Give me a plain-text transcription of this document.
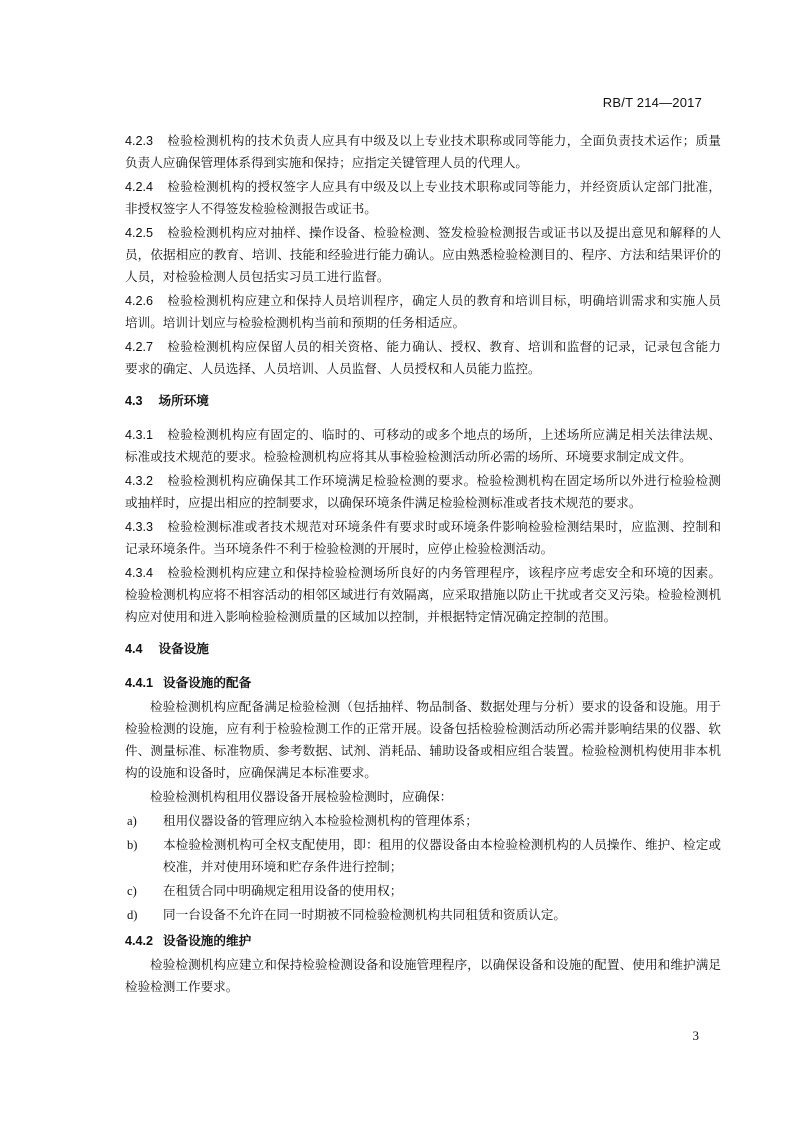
RB/T 214—2017

4.2.3 检验检测机构的技术负责人应具有中级及以上专业技术职称或同等能力，全面负责技术运作；质量负责人应确保管理体系得到实施和保持；应指定关键管理人员的代理人。

4.2.4 检验检测机构的授权签字人应具有中级及以上专业技术职称或同等能力，并经资质认定部门批准，非授权签字人不得签发检验检测报告或证书。

4.2.5 检验检测机构应对抽样、操作设备、检验检测、签发检验检测报告或证书以及提出意见和解释的人员，依据相应的教育、培训、技能和经验进行能力确认。应由熟悉检验检测目的、程序、方法和结果评价的人员，对检验检测人员包括实习员工进行监督。

4.2.6 检验检测机构应建立和保持人员培训程序，确定人员的教育和培训目标，明确培训需求和实施人员培训。培训计划应与检验检测机构当前和预期的任务相适应。

4.2.7 检验检测机构应保留人员的相关资格、能力确认、授权、教育、培训和监督的记录，记录包含能力要求的确定、人员选择、人员培训、人员监督、人员授权和人员能力监控。

4.3 场所环境

4.3.1 检验检测机构应有固定的、临时的、可移动的或多个地点的场所，上述场所应满足相关法律法规、标准或技术规范的要求。检验检测机构应将其从事检验检测活动所必需的场所、环境要求制定成文件。

4.3.2 检验检测机构应确保其工作环境满足检验检测的要求。检验检测机构在固定场所以外进行检验检测或抽样时，应提出相应的控制要求，以确保环境条件满足检验检测标准或者技术规范的要求。

4.3.3 检验检测标准或者技术规范对环境条件有要求时或环境条件影响检验检测结果时，应监测、控制和记录环境条件。当环境条件不利于检验检测的开展时，应停止检验检测活动。

4.3.4 检验检测机构应建立和保持检验检测场所良好的内务管理程序，该程序应考虑安全和环境的因素。检验检测机构应将不相容活动的相邻区域进行有效隔离，应采取措施以防止干扰或者交叉污染。检验检测机构应对使用和进入影响检验检测质量的区域加以控制，并根据特定情况确定控制的范围。

4.4 设备设施
4.4.1 设备设施的配备

检验检测机构应配备满足检验检测（包括抽样、物品制备、数据处理与分析）要求的设备和设施。用于检验检测的设施，应有利于检验检测工作的正常开展。设备包括检验检测活动所必需并影响结果的仪器、软件、测量标准、标准物质、参考数据、试剂、消耗品、辅助设备或相应组合装置。检验检测机构使用非本机构的设施和设备时，应确保满足本标准要求。

检验检测机构租用仪器设备开展检验检测时，应确保：

a)	租用仪器设备的管理应纳入本检验检测机构的管理体系；
b)	本检验检测机构可全权支配使用，即：租用的仪器设备由本检验检测机构的人员操作、维护、检定或校准，并对使用环境和贮存条件进行控制；
c)	在租赁合同中明确规定租用设备的使用权；
d)	同一台设备不允许在同一时期被不同检验检测机构共同租赁和资质认定。
4.4.2 设备设施的维护

检验检测机构应建立和保持检验检测设备和设施管理程序，以确保设备和设施的配置、使用和维护满足检验检测工作要求。

3
